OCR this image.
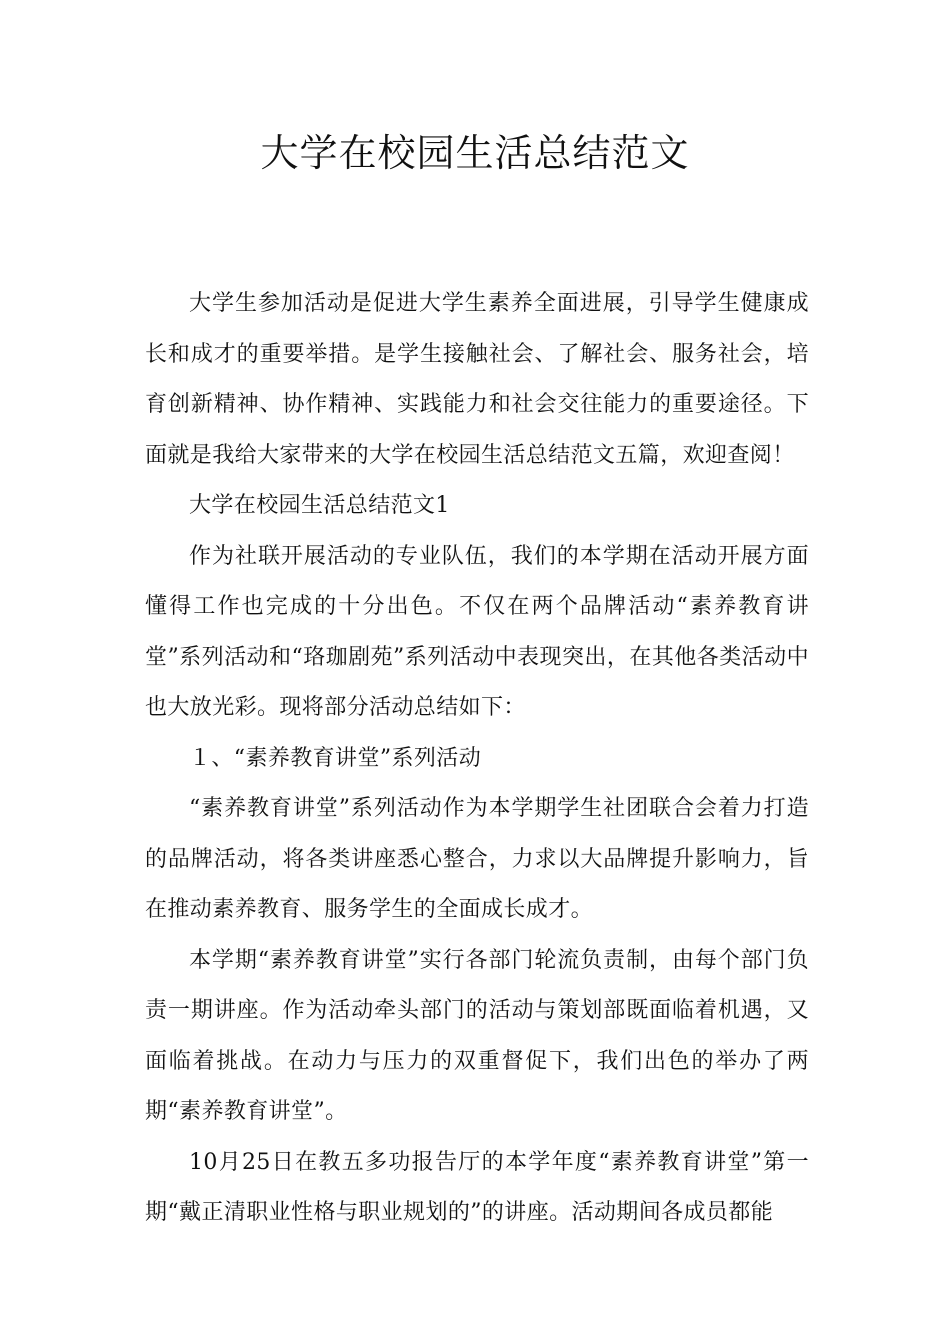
大学在校园生活总结范文

大学生参加活动是促进大学生素养全面进展，引导学生健康成长和成才的重要举措。是学生接触社会、了解社会、服务社会，培育创新精神、协作精神、实践能力和社会交往能力的重要途径。下面就是我给大家带来的大学在校园生活总结范文五篇，欢迎查阅！

大学在校园生活总结范文1

作为社联开展活动的专业队伍，我们的本学期在活动开展方面懂得工作也完成的十分出色。不仅在两个品牌活动“素养教育讲堂”系列活动和“珞珈剧苑”系列活动中表现突出，在其他各类活动中也大放光彩。现将部分活动总结如下：

１、“素养教育讲堂”系列活动

“素养教育讲堂”系列活动作为本学期学生社团联合会着力打造的品牌活动，将各类讲座悉心整合，力求以大品牌提升影响力，旨在推动素养教育、服务学生的全面成长成才。

本学期“素养教育讲堂”实行各部门轮流负责制，由每个部门负责一期讲座。作为活动牵头部门的活动与策划部既面临着机遇，又面临着挑战。在动力与压力的双重督促下，我们出色的举办了两期“素养教育讲堂”。

10月25日在教五多功报告厅的本学年度“素养教育讲堂”第一期“戴正清职业性格与职业规划的”的讲座。活动期间各成员都能
